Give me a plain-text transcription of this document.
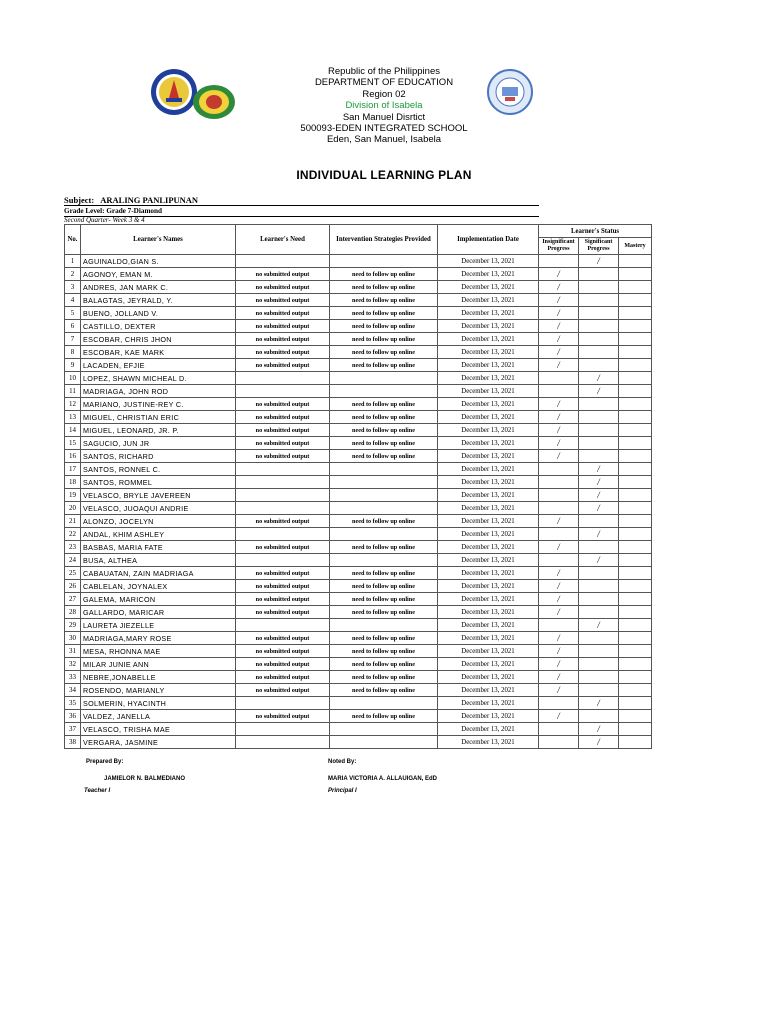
Republic of the Philippines
DEPARTMENT OF EDUCATION
Region 02
Division of Isabela
San Manuel Disrtict
500093-EDEN INTEGRATED SCHOOL
Eden, San Manuel, Isabela
INDIVIDUAL LEARNING PLAN
Subject: ARALING PANLIPUNAN
Grade Level: Grade 7-Diamond
Second Quarter- Week 3 & 4
No.	Learner's Names	Learner's Need	Intervention Strategies Provided	Implementation Date	Learner's Status		
					Insignificant Progress	Significant Progress	Mastery
1	AGUINALDO,GIAN S.			December 13, 2021		/	
2	AGONOY, EMAN M.	no submitted output	need to follow up online	December 13, 2021	/		
3	ANDRES, JAN MARK C.	no submitted output	need to follow up online	December 13, 2021	/		
4	BALAGTAS, JEYRALD, Y.	no submitted output	need to follow up online	December 13, 2021	/		
5	BUENO, JOLLAND V.	no submitted output	need to follow up online	December 13, 2021	/		
6	CASTILLO, DEXTER	no submitted output	need to follow up online	December 13, 2021	/		
7	ESCOBAR, CHRIS JHON	no submitted output	need to follow up online	December 13, 2021	/		
8	ESCOBAR, KAE MARK	no submitted output	need to follow up online	December 13, 2021	/		
9	LACADEN, EFJIE	no submitted output	need to follow up online	December 13, 2021	/		
10	LOPEZ, SHAWN MICHEAL D.			December 13, 2021		/	
11	MADRIAGA, JOHN ROD			December 13, 2021		/	
12	MARIANO, JUSTINE-REY C.	no submitted output	need to follow up online	December 13, 2021	/		
13	MIGUEL, CHRISTIAN ERIC	no submitted output	need to follow up online	December 13, 2021	/		
14	MIGUEL, LEONARD, JR. P.	no submitted output	need to follow up online	December 13, 2021	/		
15	SAGUCIO, JUN JR	no submitted output	need to follow up online	December 13, 2021	/		
16	SANTOS, RICHARD	no submitted output	need to follow up online	December 13, 2021	/		
17	SANTOS, RONNEL C.			December 13, 2021		/	
18	SANTOS, ROMMEL			December 13, 2021		/	
19	VELASCO, BRYLE JAVEREEN			December 13, 2021		/	
20	VELASCO, JUOAQUI ANDRIE			December 13, 2021		/	
21	ALONZO, JOCELYN	no submitted output	need to follow up online	December 13, 2021	/		
22	ANDAL, KHIM ASHLEY			December 13, 2021		/	
23	BASBAS, MARIA FATE	no submitted output	need to follow up online	December 13, 2021	/		
24	BUSA, ALTHEA			December 13, 2021		/	
25	CABAUATAN, ZAIN MADRIAGA	no submitted output	need to follow up online	December 13, 2021	/		
26	CABLELAN, JOYNALEX	no submitted output	need to follow up online	December 13, 2021	/		
27	GALEMA, MARICON	no submitted output	need to follow up online	December 13, 2021	/		
28	GALLARDO, MARICAR	no submitted output	need to follow up online	December 13, 2021	/		
29	LAURETA JIEZELLE			December 13, 2021		/	
30	MADRIAGA,MARY ROSE	no submitted output	need to follow up online	December 13, 2021	/		
31	MESA, RHONNA MAE	no submitted output	need to follow up online	December 13, 2021	/		
32	MILAR JUNIE ANN	no submitted output	need to follow up online	December 13, 2021	/		
33	NEBRE,JONABELLE	no submitted output	need to follow up online	December 13, 2021	/		
34	ROSENDO, MARIANLY	no submitted output	need to follow up online	December 13, 2021	/		
35	SOLMERIN, HYACINTH			December 13, 2021		/	
36	VALDEZ, JANELLA	no submitted output	need to follow up online	December 13, 2021	/		
37	VELASCO, TRISHA MAE			December 13, 2021		/	
38	VERGARA, JASMINE			December 13, 2021		/	
Prepared By:
JAMIELOR N. BALMEDIANO
Teacher I
Noted By:
MARIA VICTORIA A. ALLAUIGAN, EdD
Principal I
